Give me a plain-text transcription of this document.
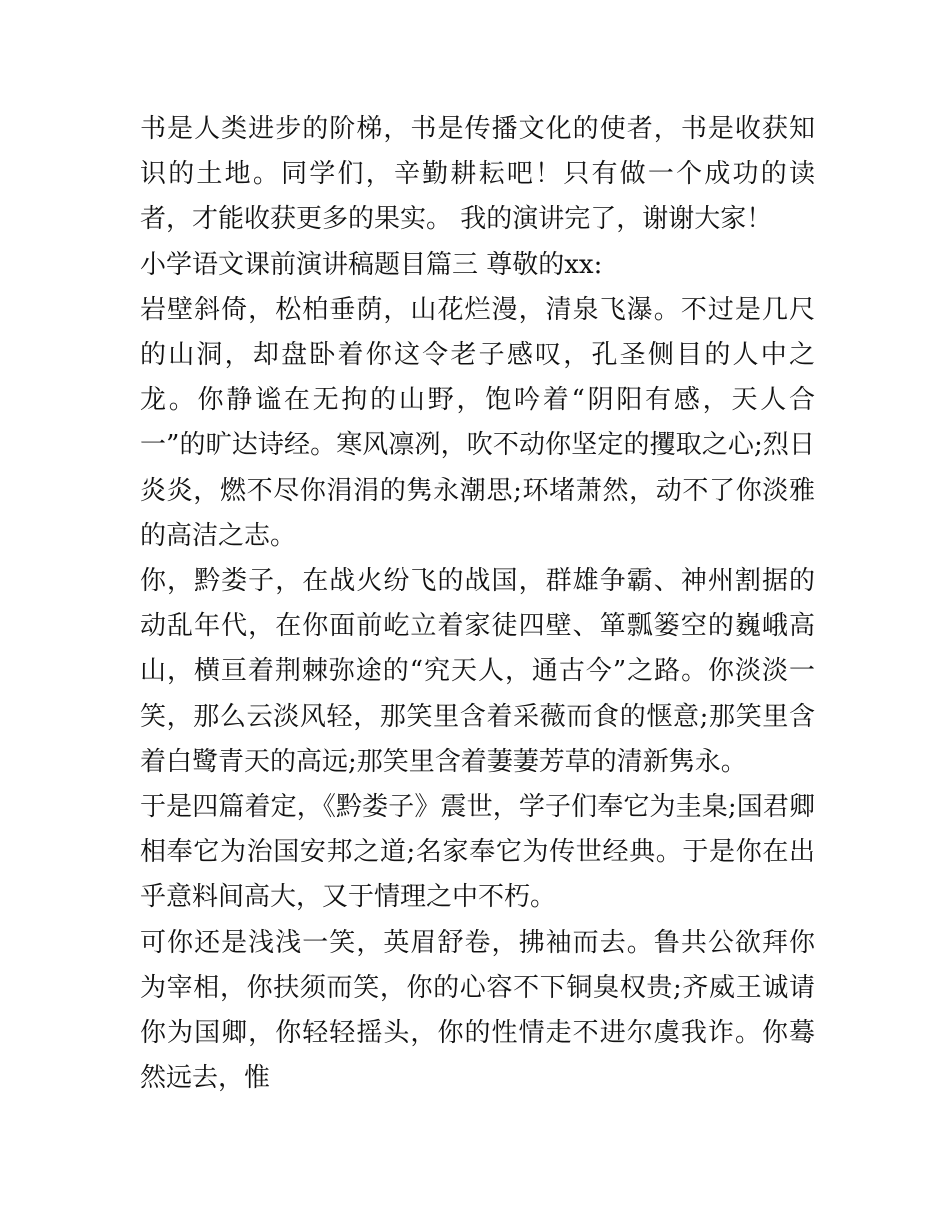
书是人类进步的阶梯，书是传播文化的使者，书是收获知识的土地。同学们，辛勤耕耘吧！只有做一个成功的读者，才能收获更多的果实。 我的演讲完了，谢谢大家！

小学语文课前演讲稿题目篇三 尊敬的xx:

岩壁斜倚，松柏垂荫，山花烂漫，清泉飞瀑。不过是几尺的山洞，却盘卧着你这令老子感叹，孔圣侧目的人中之龙。你静谧在无拘的山野，饱吟着“阴阳有感，天人合一”的旷达诗经。寒风凛冽，吹不动你坚定的攫取之心;烈日炎炎，燃不尽你涓涓的隽永潮思;环堵萧然，动不了你淡雅的高洁之志。

你，黔娄子，在战火纷飞的战国，群雄争霸、神州割据的动乱年代，在你面前屹立着家徒四壁、箪瓢篓空的巍峨高山，横亘着荆棘弥途的“究天人，通古今”之路。你淡淡一笑，那么云淡风轻，那笑里含着采薇而食的惬意;那笑里含着白鹭青天的高远;那笑里含着萋萋芳草的清新隽永。

于是四篇着定，《黔娄子》震世，学子们奉它为圭臬;国君卿相奉它为治国安邦之道;名家奉它为传世经典。于是你在出乎意料间高大，又于情理之中不朽。

可你还是浅浅一笑，英眉舒卷，拂袖而去。鲁共公欲拜你为宰相，你扶须而笑，你的心容不下铜臭权贵;齐威王诚请你为国卿，你轻轻摇头，你的性情走不进尔虞我诈。你蓦然远去，惟
